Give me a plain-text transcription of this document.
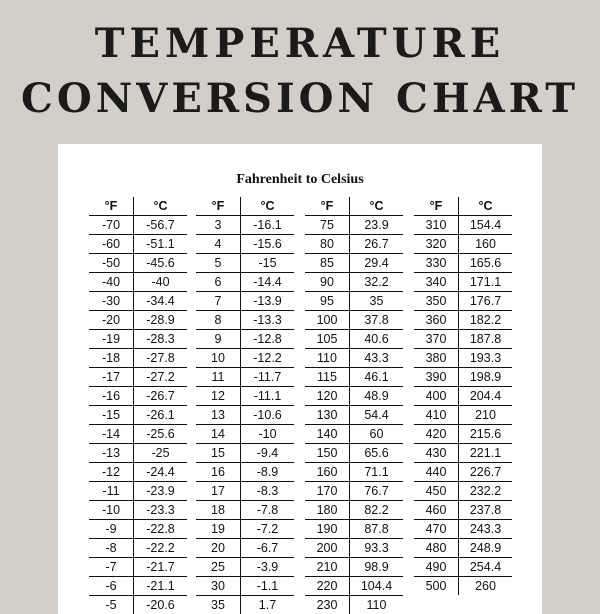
TEMPERATURE
CONVERSION CHART
Fahrenheit to Celsius
°F	°C
-70	-56.7
-60	-51.1
-50	-45.6
-40	-40
-30	-34.4
-20	-28.9
-19	-28.3
-18	-27.8
-17	-27.2
-16	-26.7
-15	-26.1
-14	-25.6
-13	-25
-12	-24.4
-11	-23.9
-10	-23.3
-9	-22.8
-8	-22.2
-7	-21.7
-6	-21.1
-5	-20.6
°F	°C
3	-16.1
4	-15.6
5	-15
6	-14.4
7	-13.9
8	-13.3
9	-12.8
10	-12.2
11	-11.7
12	-11.1
13	-10.6
14	-10
15	-9.4
16	-8.9
17	-8.3
18	-7.8
19	-7.2
20	-6.7
25	-3.9
30	-1.1
35	1.7
°F	°C
75	23.9
80	26.7
85	29.4
90	32.2
95	35
100	37.8
105	40.6
110	43.3
115	46.1
120	48.9
130	54.4
140	60
150	65.6
160	71.1
170	76.7
180	82.2
190	87.8
200	93.3
210	98.9
220	104.4
230	110
°F	°C
310	154.4
320	160
330	165.6
340	171.1
350	176.7
360	182.2
370	187.8
380	193.3
390	198.9
400	204.4
410	210
420	215.6
430	221.1
440	226.7
450	232.2
460	237.8
470	243.3
480	248.9
490	254.4
500	260
